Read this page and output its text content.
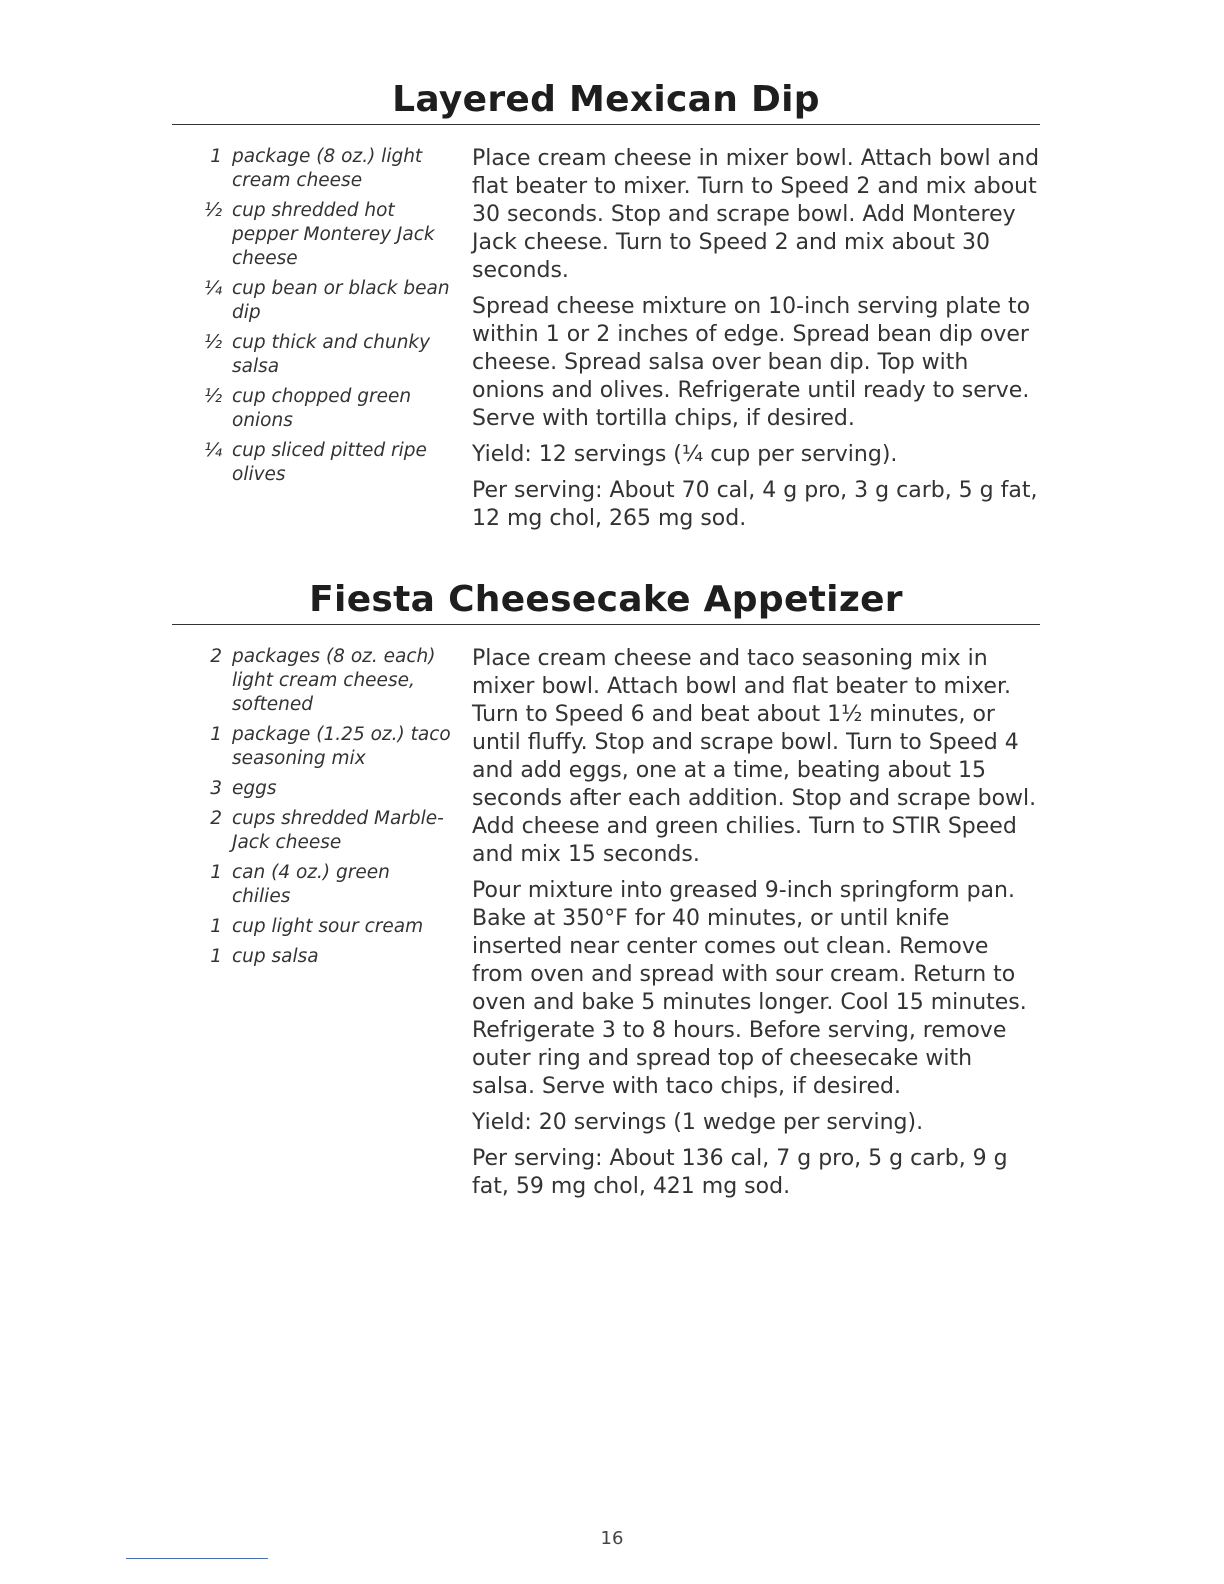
Layered Mexican Dip
1 package (8 oz.) light cream cheese
½ cup shredded hot pepper Monterey Jack cheese
¼ cup bean or black bean dip
½ cup thick and chunky salsa
½ cup chopped green onions
¼ cup sliced pitted ripe olives

Place cream cheese in mixer bowl. Attach bowl and flat beater to mixer. Turn to Speed 2 and mix about 30 seconds. Stop and scrape bowl. Add Monterey Jack cheese. Turn to Speed 2 and mix about 30 seconds.

Spread cheese mixture on 10-inch serving plate to within 1 or 2 inches of edge. Spread bean dip over cheese. Spread salsa over bean dip. Top with onions and olives. Refrigerate until ready to serve. Serve with tortilla chips, if desired.

Yield: 12 servings (¼ cup per serving).

Per serving: About 70 cal, 4 g pro, 3 g carb, 5 g fat, 12 mg chol, 265 mg sod.

Fiesta Cheesecake Appetizer
2 packages (8 oz. each) light cream cheese, softened
1 package (1.25 oz.) taco seasoning mix
3 eggs
2 cups shredded Marble-Jack cheese
1 can (4 oz.) green chilies
1 cup light sour cream
1 cup salsa

Place cream cheese and taco seasoning mix in mixer bowl. Attach bowl and flat beater to mixer. Turn to Speed 6 and beat about 1½ minutes, or until fluffy. Stop and scrape bowl. Turn to Speed 4 and add eggs, one at a time, beating about 15 seconds after each addition. Stop and scrape bowl. Add cheese and green chilies. Turn to STIR Speed and mix 15 seconds.

Pour mixture into greased 9-inch springform pan. Bake at 350°F for 40 minutes, or until knife inserted near center comes out clean. Remove from oven and spread with sour cream. Return to oven and bake 5 minutes longer. Cool 15 minutes. Refrigerate 3 to 8 hours. Before serving, remove outer ring and spread top of cheesecake with salsa. Serve with taco chips, if desired.

Yield: 20 servings (1 wedge per serving).

Per serving: About 136 cal, 7 g pro, 5 g carb, 9 g fat, 59 mg chol, 421 mg sod.

16
